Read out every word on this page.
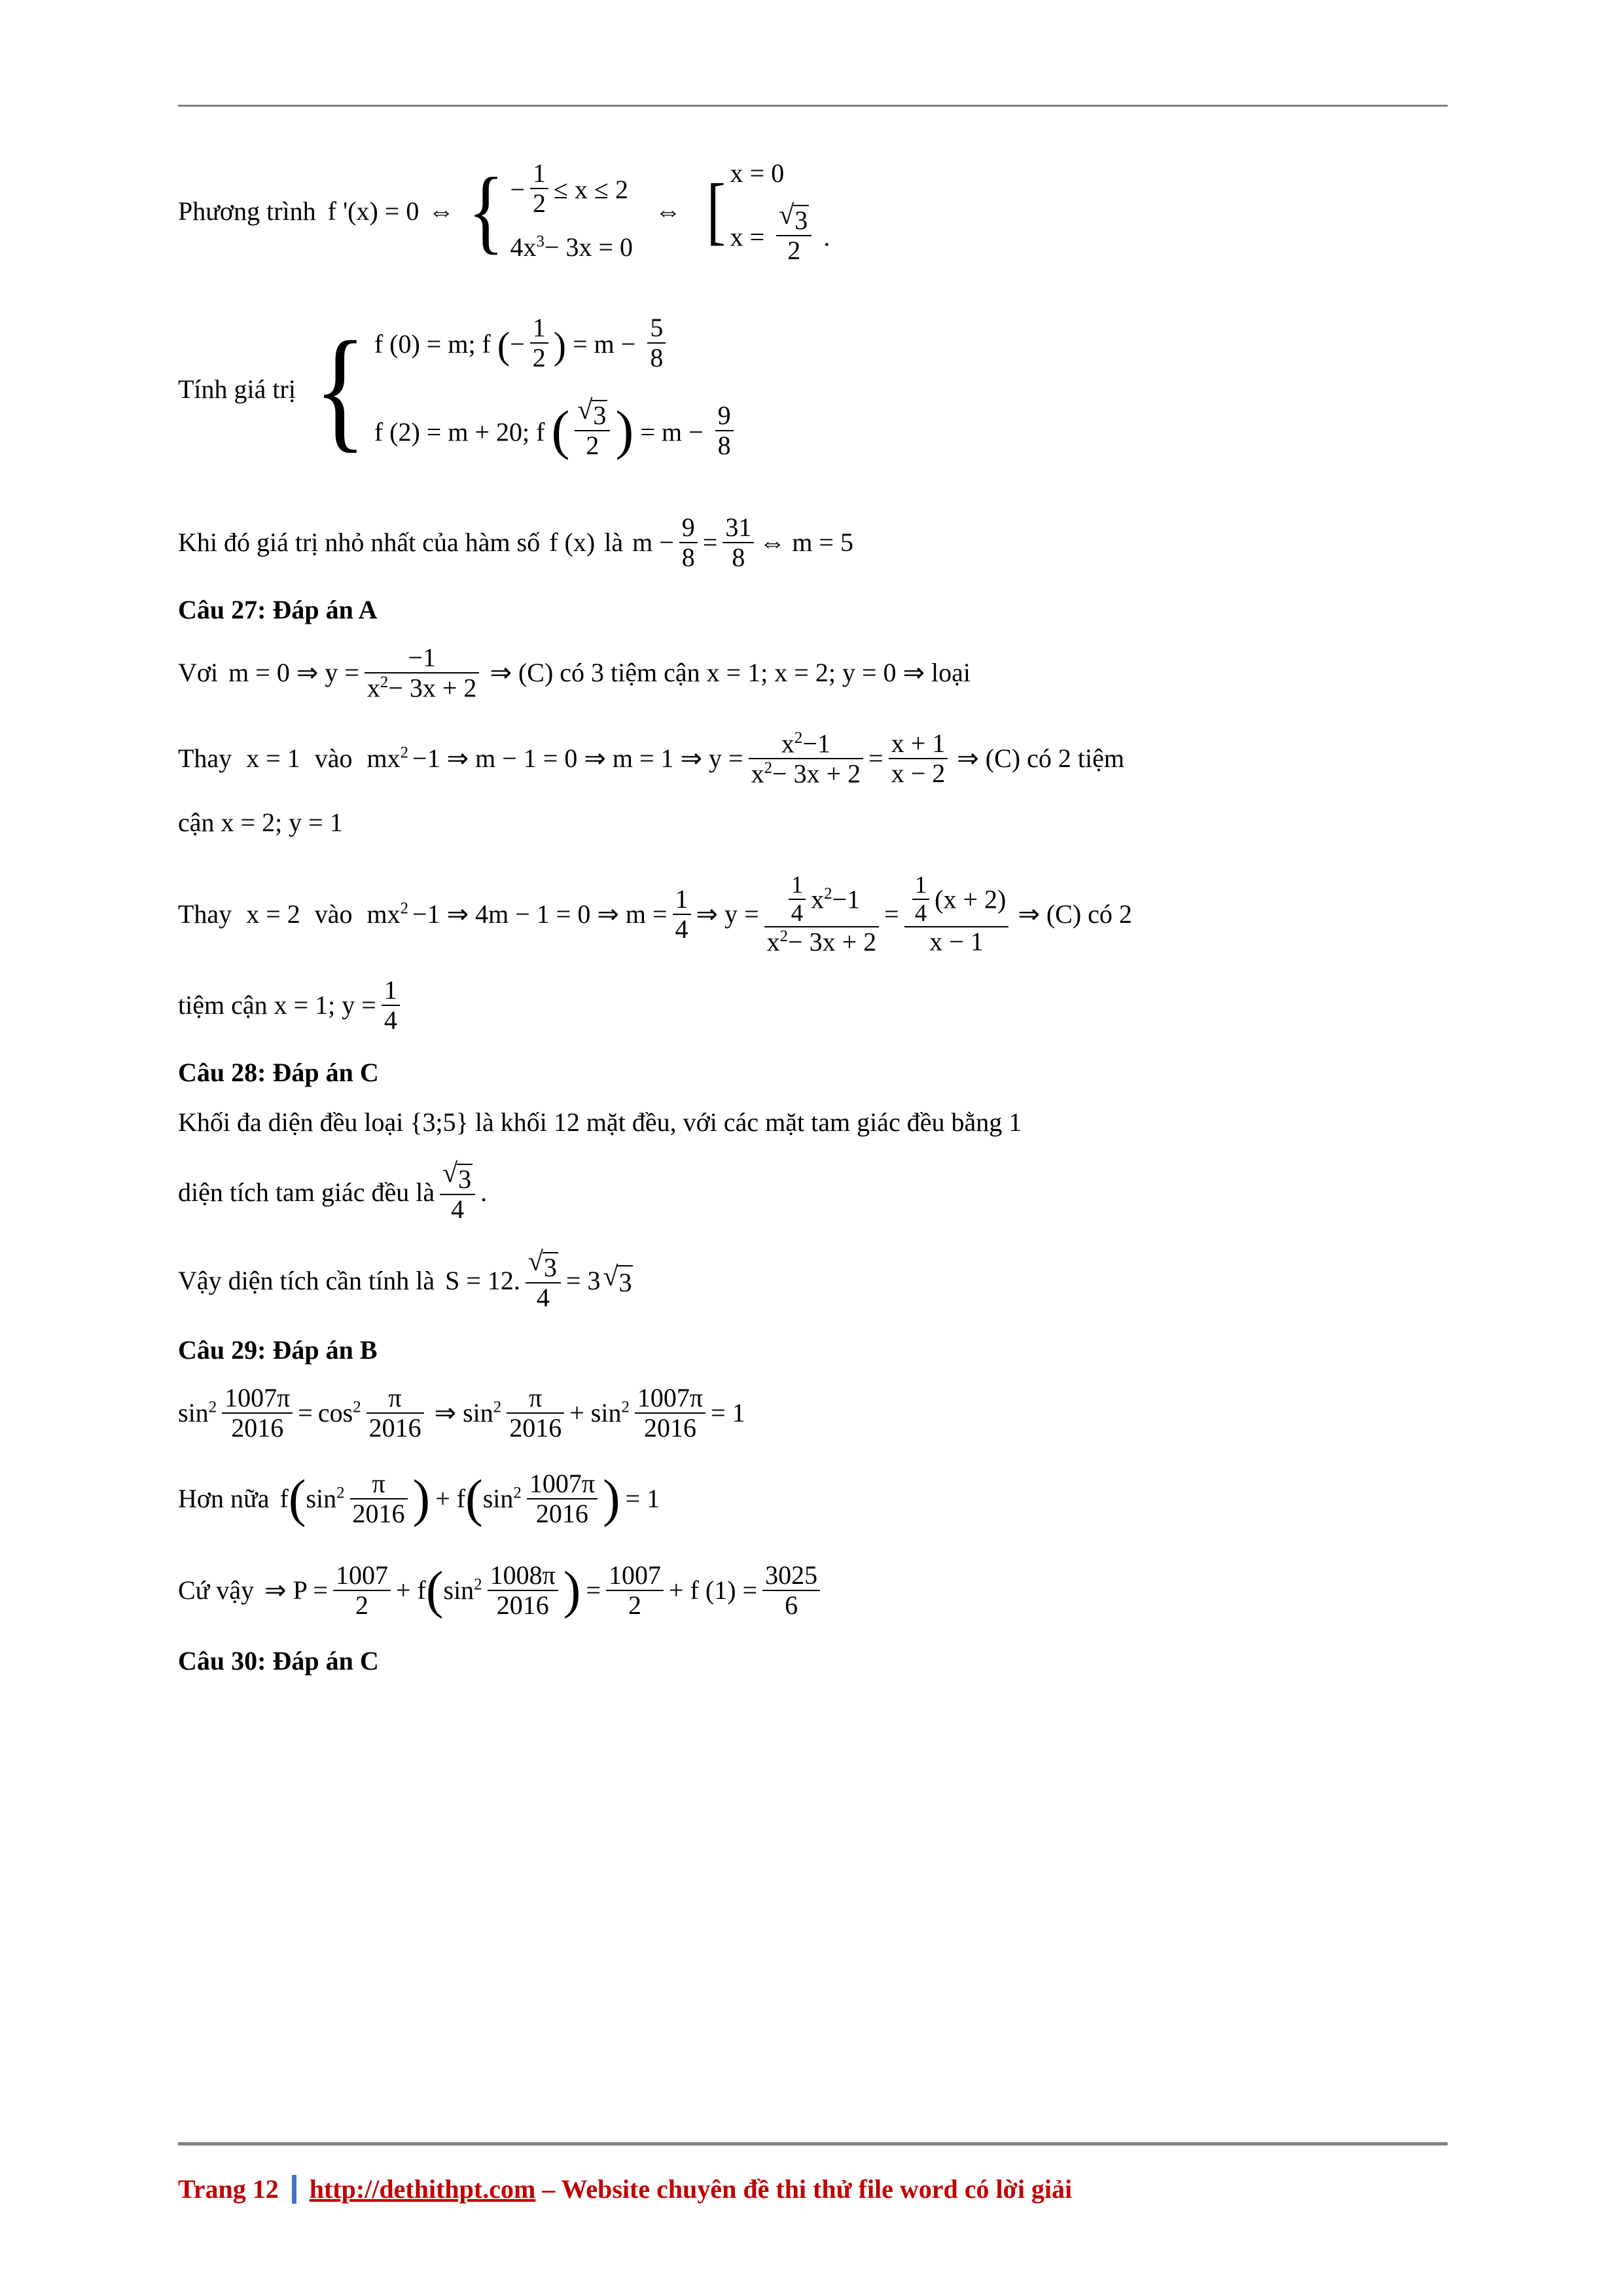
Phương trình f '(x) = 0 ⇔ { − $\frac{1}{2} \le x \le 2$
$4x^3- 3x = 0$
⇔ [ x = 0
x = √ $\frac{3}{2}$ .
Tính giá trị { f (0) = m; f (− $\frac{1}{2}$ ) = $m - \frac{5}{8}$
f (2) = m + 20; f ( √ $\frac{3}{2}$ ) = $m - \frac{9}{8}$
Khi đó giá trị nhỏ nhất của hàm số f (x) là $m - \frac{9}{8} = \frac{31}{8}$ ⇔ m = 5
Câu 27: Đáp án A
Vơi m = 0 ⇒ $y = \frac{-1}{x^2- 3x + 2}$ ⇒ (C) có 3 tiệm cận x = 1; x = 2; y = 0 ⇒ loại
Thay x = 1 vào $mx^2 -1$ ⇒ m − 1 = 0 ⇒ m = 1 ⇒ $y = \frac{x^2-1}{x^2- 3x + 2} = \frac{x + 1}{x - 2}$ ⇒ (C) có 2 tiệm
cận x = 2; y = 1
Thay x = 2 vào $mx^2 -1$ ⇒ 4m − 1 = 0 ⇒ $m = \frac{1}{4}$ ⇒ $y = \frac{\frac{1}{4} x^2-1}{x^2- 3x + 2} = \frac{\frac{1}{4} (x + 2)}{x - 1}$ ⇒ (C) có 2
tiệm cận x = 1; $y = \frac{1}{4}$
Câu 28: Đáp án C
Khối đa diện đều loại {3;5} là khối 12 mặt đều, với các mặt tam giác đều bằng 1
diện tích tam giác đều là √ $\frac{3}{4}$ .
Vậy diện tích cần tính là S = 12. √ $\frac{3}{4} = 3$ √ 3
Câu 29: Đáp án B
$\sin^2 \frac{1007\pi}{2016} = \cos^2 \frac{\pi}{2016}$ ⇒ $\sin^2 \frac{\pi}{2016} + \sin^2 \frac{1007\pi}{2016} = 1$
Hơn nữa f ( $\sin^2 \frac{\pi}{2016}$ ) + f ( $\sin^2 \frac{1007\pi}{2016}$ ) = 1
Cứ vậy ⇒ $P = \frac{1007}{2} + f$ ( $\sin^2 \frac{1008\pi}{2016}$ ) = $\frac{1007}{2} + f$ $(1) = \frac{3025}{6}$
Câu 30: Đáp án C
Trang 12 http://dethithpt.com – Website chuyên đề thi thử file word có lời giải
